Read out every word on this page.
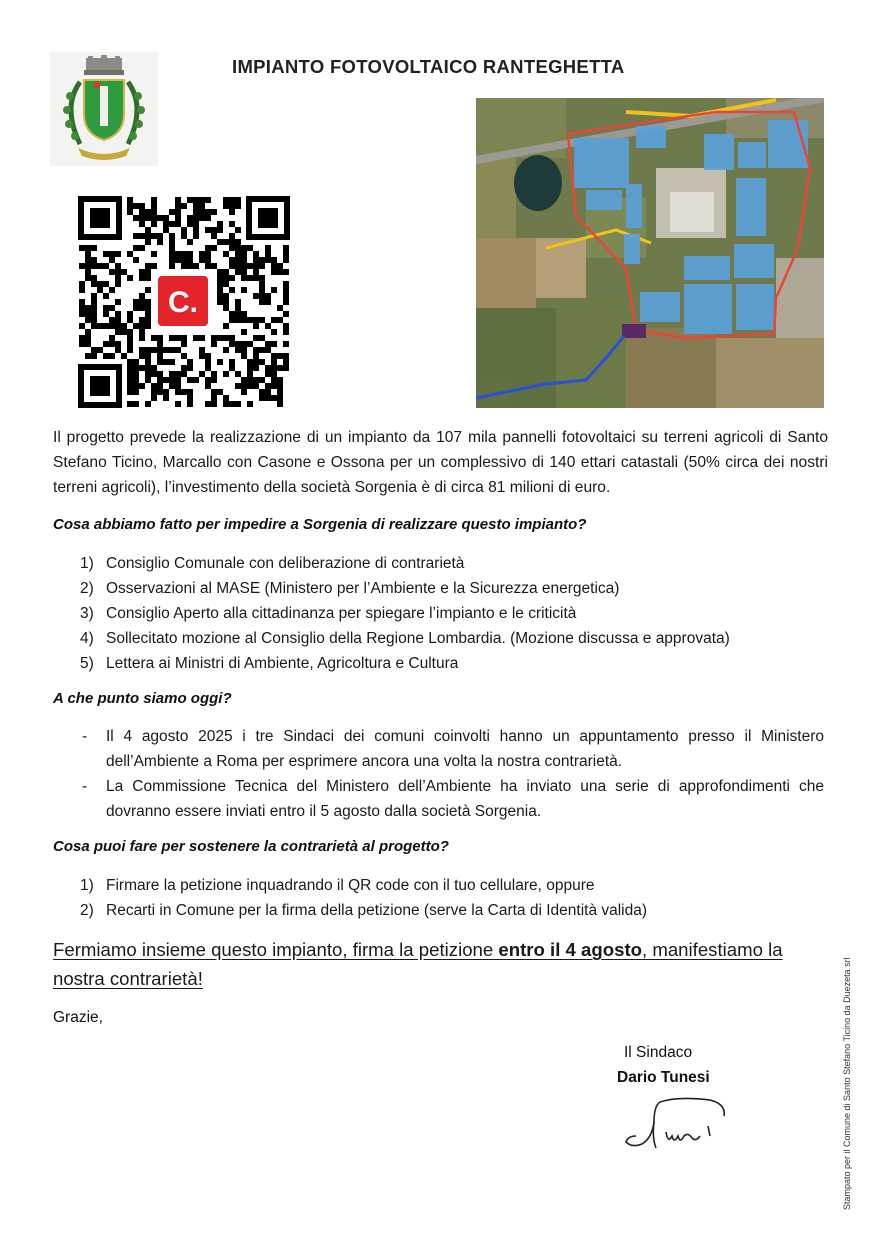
IMPIANTO FOTOVOLTAICO RANTEGHETTA
C.
Il progetto prevede la realizzazione di un impianto da 107 mila pannelli fotovoltaici su terreni agricoli di Santo Stefano Ticino, Marcallo con Casone e Ossona per un complessivo di 140 ettari catastali (50% circa dei nostri terreni agricoli), l’investimento della società Sorgenia è di circa 81 milioni di euro.
Cosa abbiamo fatto per impedire a Sorgenia di realizzare questo impianto?
1) Consiglio Comunale con deliberazione di contrarietà
2) Osservazioni al MASE (Ministero per l’Ambiente e la Sicurezza energetica)
3) Consiglio Aperto alla cittadinanza per spiegare l’impianto e le criticità
4) Sollecitato mozione al Consiglio della Regione Lombardia. (Mozione discussa e approvata)
5) Lettera ai Ministri di Ambiente, Agricoltura e Cultura
A che punto siamo oggi?
- Il 4 agosto 2025 i tre Sindaci dei comuni coinvolti hanno un appuntamento presso il Ministero dell’Ambiente a Roma per esprimere ancora una volta la nostra contrarietà.
- La Commissione Tecnica del Ministero dell’Ambiente ha inviato una serie di approfondimenti che dovranno essere inviati entro il 5 agosto dalla società Sorgenia.
Cosa puoi fare per sostenere la contrarietà al progetto?
1) Firmare la petizione inquadrando il QR code con il tuo cellulare, oppure
2) Recarti in Comune per la firma della petizione (serve la Carta di Identità valida)
Fermiamo insieme questo impianto, firma la petizione entro il 4 agosto, manifestiamo la nostra contrarietà!
Grazie,
Il Sindaco
Dario Tunesi	Stampato per il Comune di Santo Stefano Ticino da Duezeta srl
